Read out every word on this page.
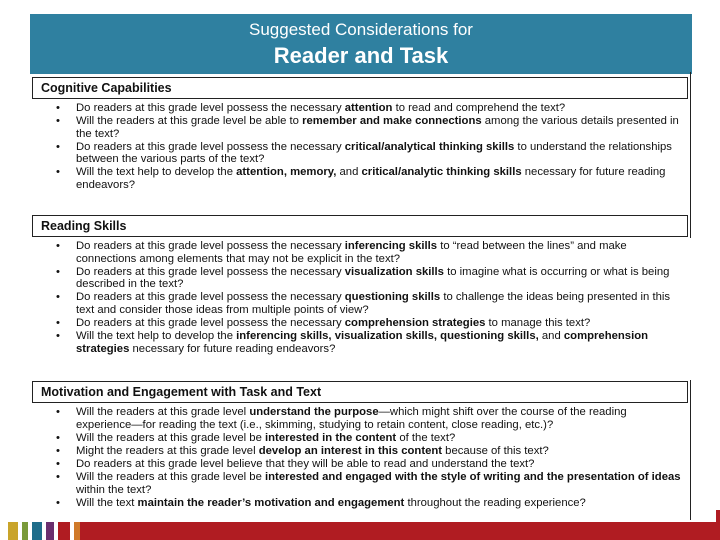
Suggested Considerations for
Reader and Task
Cognitive Capabilities
• Do readers at this grade level possess the necessary attention to read and comprehend the text?
• Will the readers at this grade level be able to remember and make connections among the various details presented in the text?
• Do readers at this grade level possess the necessary critical/analytical thinking skills to understand the relationships between the various parts of the text?
• Will the text help to develop the attention, memory, and critical/analytic thinking skills necessary for future reading endeavors?
Reading Skills
• Do readers at this grade level possess the necessary inferencing skills to “read between the lines” and make connections among elements that may not be explicit in the text?
• Do readers at this grade level possess the necessary visualization skills to imagine what is occurring or what is being described in the text?
• Do readers at this grade level possess the necessary questioning skills to challenge the ideas being presented in this text and consider those ideas from multiple points of view?
• Do readers at this grade level possess the necessary comprehension strategies to manage this text?
• Will the text help to develop the inferencing skills, visualization skills, questioning skills, and comprehension strategies necessary for future reading endeavors?
Motivation and Engagement with Task and Text
• Will the readers at this grade level understand the purpose—which might shift over the course of the reading experience—for reading the text (i.e., skimming, studying to retain content, close reading, etc.)?
• Will the readers at this grade level be interested in the content of the text?
• Might the readers at this grade level develop an interest in this content because of this text?
• Do readers at this grade level believe that they will be able to read and understand the text?
• Will the readers at this grade level be interested and engaged with the style of writing and the presentation of ideas within the text?
• Will the text maintain the reader’s motivation and engagement throughout the reading experience?
